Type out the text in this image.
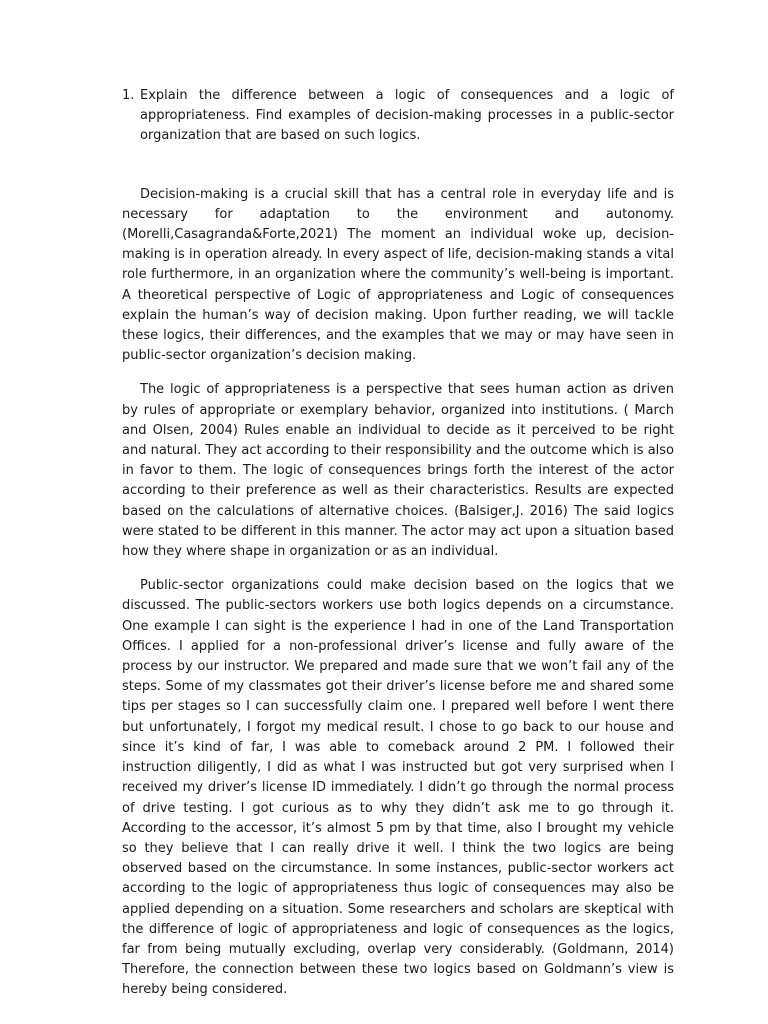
1. Explain the difference between a logic of consequences and a logic of appropriateness. Find examples of decision-making processes in a public-sector organization that are based on such logics.

Decision-making is a crucial skill that has a central role in everyday life and is necessary for adaptation to the environment and autonomy. (Morelli,Casagranda&Forte,2021) The moment an individual woke up, decision-making is in operation already. In every aspect of life, decision-making stands a vital role furthermore, in an organization where the community’s well-being is important. A theoretical perspective of Logic of appropriateness and Logic of consequences explain the human’s way of decision making. Upon further reading, we will tackle these logics, their differences, and the examples that we may or may have seen in public-sector organization’s decision making.

The logic of appropriateness is a perspective that sees human action as driven by rules of appropriate or exemplary behavior, organized into institutions. ( March and Olsen, 2004) Rules enable an individual to decide as it perceived to be right and natural. They act according to their responsibility and the outcome which is also in favor to them. The logic of consequences brings forth the interest of the actor according to their preference as well as their characteristics. Results are expected based on the calculations of alternative choices. (Balsiger,J. 2016) The said logics were stated to be different in this manner. The actor may act upon a situation based how they where shape in organization or as an individual.

Public-sector organizations could make decision based on the logics that we discussed. The public-sectors workers use both logics depends on a circumstance. One example I can sight is the experience I had in one of the Land Transportation Offices. I applied for a non-professional driver’s license and fully aware of the process by our instructor. We prepared and made sure that we won’t fail any of the steps. Some of my classmates got their driver’s license before me and shared some tips per stages so I can successfully claim one. I prepared well before I went there but unfortunately, I forgot my medical result. I chose to go back to our house and since it’s kind of far, I was able to comeback around 2 PM. I followed their instruction diligently, I did as what I was instructed but got very surprised when I received my driver’s license ID immediately. I didn’t go through the normal process of drive testing. I got curious as to why they didn’t ask me to go through it. According to the accessor, it’s almost 5 pm by that time, also I brought my vehicle so they believe that I can really drive it well. I think the two logics are being observed based on the circumstance. In some instances, public-sector workers act according to the logic of appropriateness thus logic of consequences may also be applied depending on a situation. Some researchers and scholars are skeptical with the difference of logic of appropriateness and logic of consequences as the logics, far from being mutually excluding, overlap very considerably. (Goldmann, 2014) Therefore, the connection between these two logics based on Goldmann’s view is hereby being considered.
